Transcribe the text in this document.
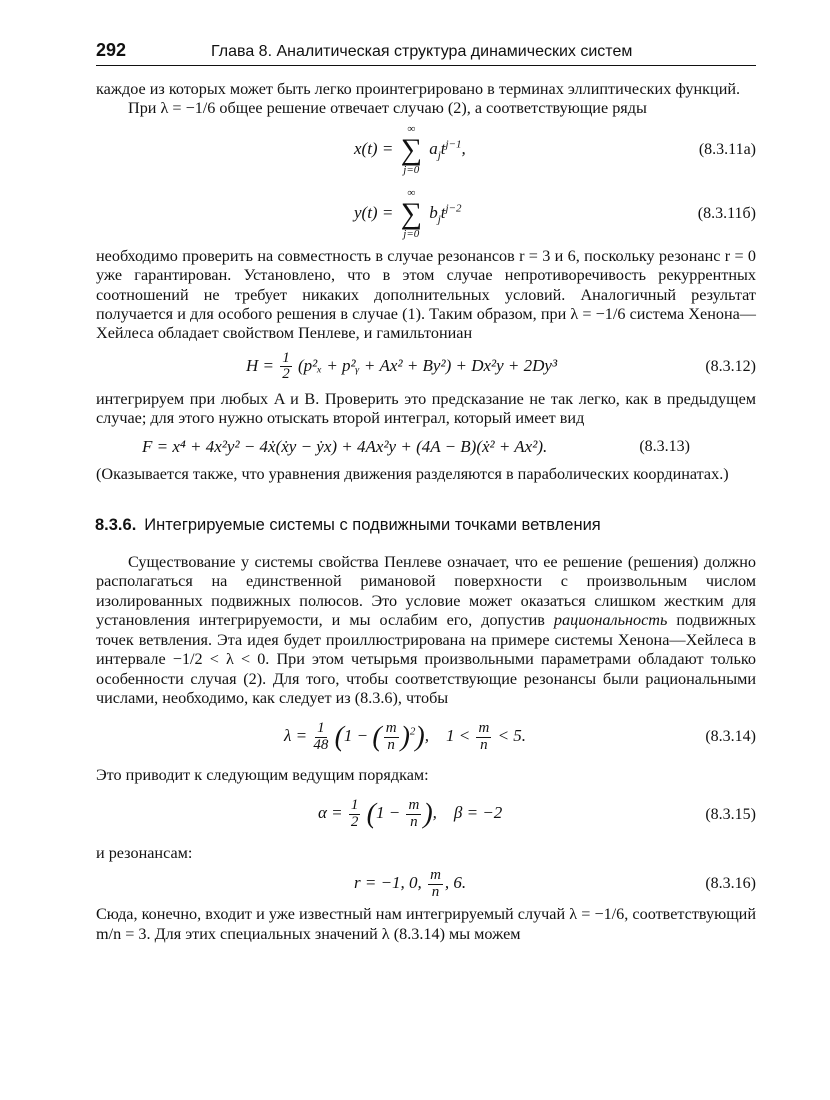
292	Глава 8. Аналитическая структура динамических систем

каждое из которых может быть легко проинтегрировано в терминах эллиптических функций.

При λ = −1/6 общее решение отвечает случаю (2), а соответствующие ряды

x(t) =
∞
∑
j=0
$a_jt^{j-1}$,	(8.3.11a)
y(t) =
∞
∑
j=0
$b_jt^{j-2}$	(8.3.11б)

необходимо проверить на совместность в случае резонансов r = 3 и 6, поскольку резонанс r = 0 уже гарантирован. Установлено, что в этом случае непротиворечивость рекуррентных соотношений не требует никаких дополнительных условий. Аналогичный результат получается и для особого решения в случае (1). Таким образом, при λ = −1/6 система Хенона—Хейлеса обладает свойством Пенлеве, и гамильтониан

$H = \frac{1}{2} (p^2_x$ + p²ᵧ + Ax² + By²) + Dx²y + 2Dy³	(8.3.12)

интегрируем при любых A и B. Проверить это предсказание не так легко, как в предыдущем случае; для этого нужно отыскать второй интеграл, который имеет вид

F = x⁴ + 4x²y² − 4ẋ(ẋy − ẏx) + 4Ax²y + (4A − B)(ẋ² + Ax²).	(8.3.13)

(Оказывается также, что уравнения движения разделяются в параболических координатах.)

8.3.6. Интегрируемые системы с подвижными точками ветвления

Существование у системы свойства Пенлеве означает, что ее решение (решения) должно располагаться на единственной римановой поверхности с произвольным числом изолированных подвижных полюсов. Это условие может оказаться слишком жестким для установления интегрируемости, и мы ослабим его, допустив рациональность подвижных точек ветвления. Эта идея будет проиллюстрирована на примере системы Хенона—Хейлеса в интервале −1/2 < λ < 0. При этом четырьмя произвольными параметрами обладают только особенности случая (2). Для того, чтобы соответствующие резонансы были рациональными числами, необходимо, как следует из (8.3.6), чтобы

$\lambda = \frac{1}{48} (1$ − ( $\frac{m}{n} )^2$),    $1 < \frac{m}{n} < 5$.	(8.3.14)

Это приводит к следующим ведущим порядкам:

$\alpha = \frac{1}{2} (1 - \frac{m}{n}$ ),    β = −2	(8.3.15)

и резонансам:

r = −1, 0, $\frac{m}{n}$ , 6.	(8.3.16)

Сюда, конечно, входит и уже известный нам интегрируемый случай λ = −1/6, соответствующий m/n = 3. Для этих специальных значений λ (8.3.14) мы можем
